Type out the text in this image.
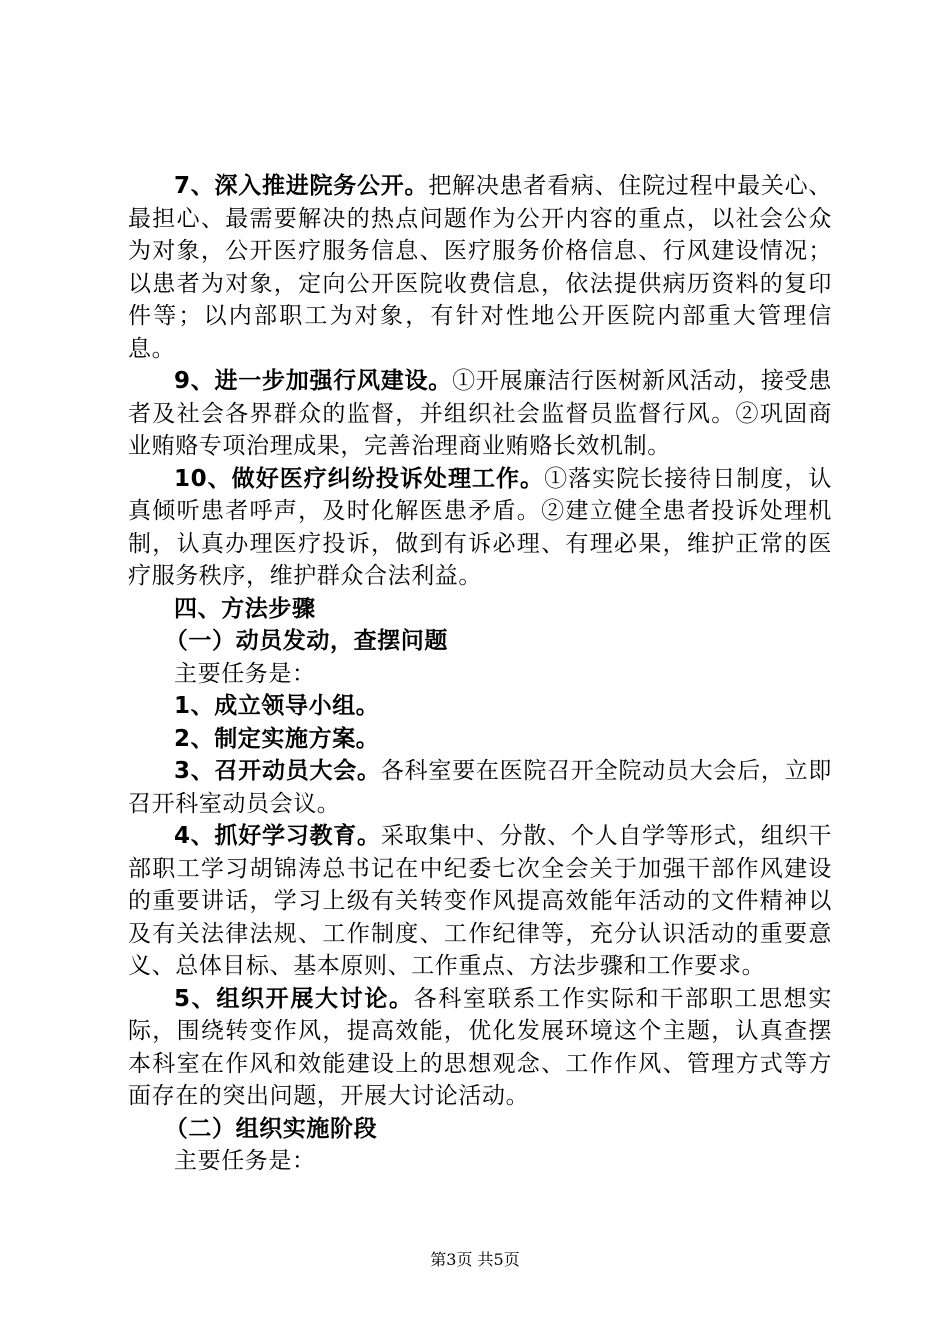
7、深入推进院务公开。把解决患者看病、住院过程中最关心、最担心、最需要解决的热点问题作为公开内容的重点，以社会公众为对象，公开医疗服务信息、医疗服务价格信息、行风建设情况；以患者为对象，定向公开医院收费信息，依法提供病历资料的复印件等；以内部职工为对象，有针对性地公开医院内部重大管理信息。

9、进一步加强行风建设。①开展廉洁行医树新风活动，接受患者及社会各界群众的监督，并组织社会监督员监督行风。②巩固商业贿赂专项治理成果，完善治理商业贿赂长效机制。

10、做好医疗纠纷投诉处理工作。①落实院长接待日制度，认真倾听患者呼声，及时化解医患矛盾。②建立健全患者投诉处理机制，认真办理医疗投诉，做到有诉必理、有理必果，维护正常的医疗服务秩序，维护群众合法利益。

四、方法步骤

（一）动员发动，查摆问题

主要任务是：

1、成立领导小组。

2、制定实施方案。

3、召开动员大会。各科室要在医院召开全院动员大会后，立即召开科室动员会议。

4、抓好学习教育。采取集中、分散、个人自学等形式，组织干部职工学习胡锦涛总书记在中纪委七次全会关于加强干部作风建设的重要讲话，学习上级有关转变作风提高效能年活动的文件精神以及有关法律法规、工作制度、工作纪律等，充分认识活动的重要意义、总体目标、基本原则、工作重点、方法步骤和工作要求。

5、组织开展大讨论。各科室联系工作实际和干部职工思想实际，围绕转变作风，提高效能，优化发展环境这个主题，认真查摆本科室在作风和效能建设上的思想观念、工作作风、管理方式等方面存在的突出问题，开展大讨论活动。

（二）组织实施阶段

主要任务是：

第3页 共5页
